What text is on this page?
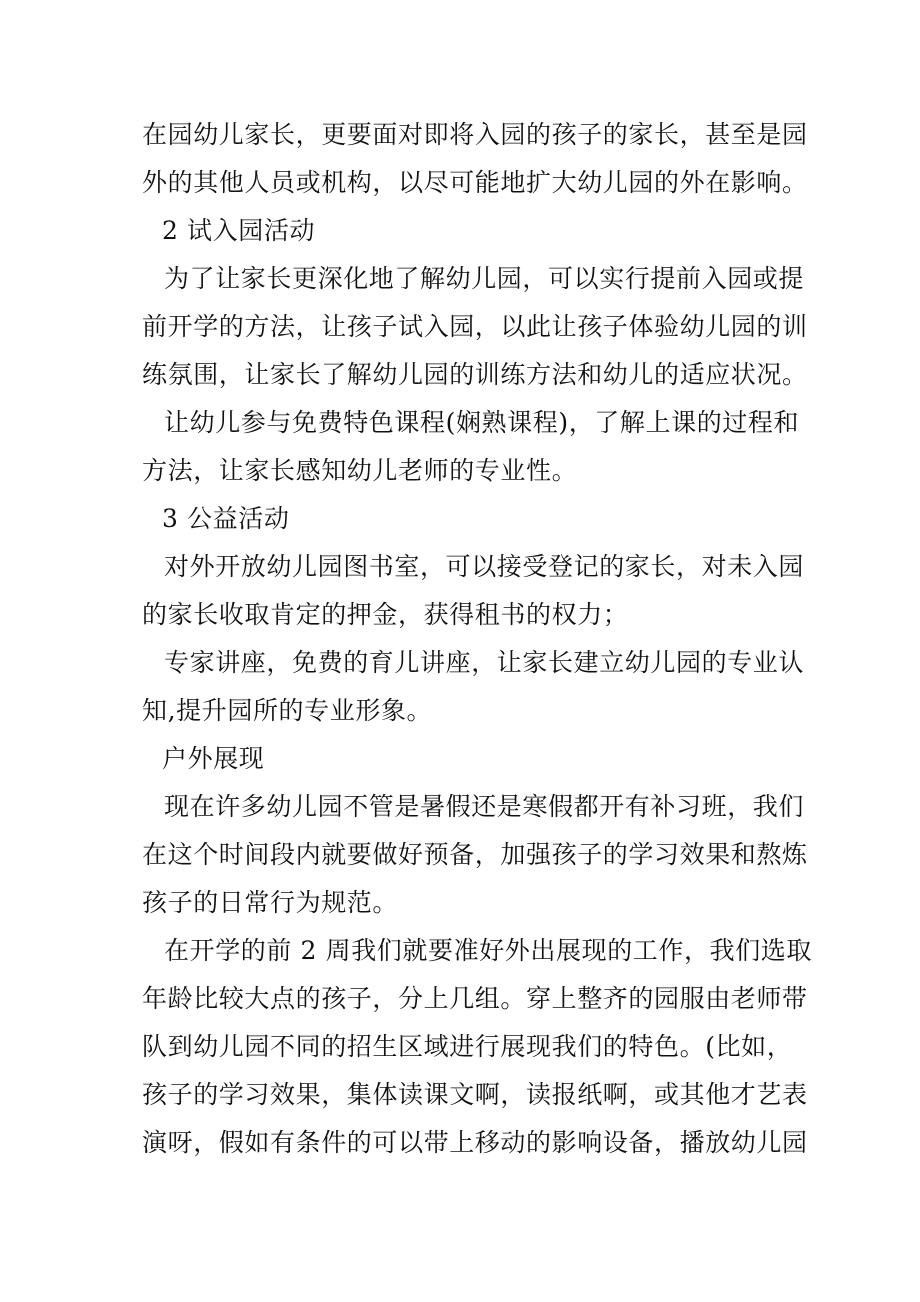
在园幼儿家长，更要面对即将入园的孩子的家长，甚至是园
外的其他人员或机构，以尽可能地扩大幼儿园的外在影响。
2 试入园活动
为了让家长更深化地了解幼儿园，可以实行提前入园或提
前开学的方法，让孩子试入园，以此让孩子体验幼儿园的训
练氛围，让家长了解幼儿园的训练方法和幼儿的适应状况。
让幼儿参与免费特色课程(娴熟课程)，了解上课的过程和
方法，让家长感知幼儿老师的专业性。
3 公益活动
对外开放幼儿园图书室，可以接受登记的家长，对未入园
的家长收取肯定的押金，获得租书的权力；
专家讲座，免费的育儿讲座，让家长建立幼儿园的专业认
知,提升园所的专业形象。
户外展现
现在许多幼儿园不管是暑假还是寒假都开有补习班，我们
在这个时间段内就要做好预备，加强孩子的学习效果和熬炼
孩子的日常行为规范。
在开学的前 2 周我们就要准好外出展现的工作，我们选取
年龄比较大点的孩子，分上几组。穿上整齐的园服由老师带
队到幼儿园不同的招生区域进行展现我们的特色。(比如，
孩子的学习效果，集体读课文啊，读报纸啊，或其他才艺表
演呀，假如有条件的可以带上移动的影响设备，播放幼儿园
